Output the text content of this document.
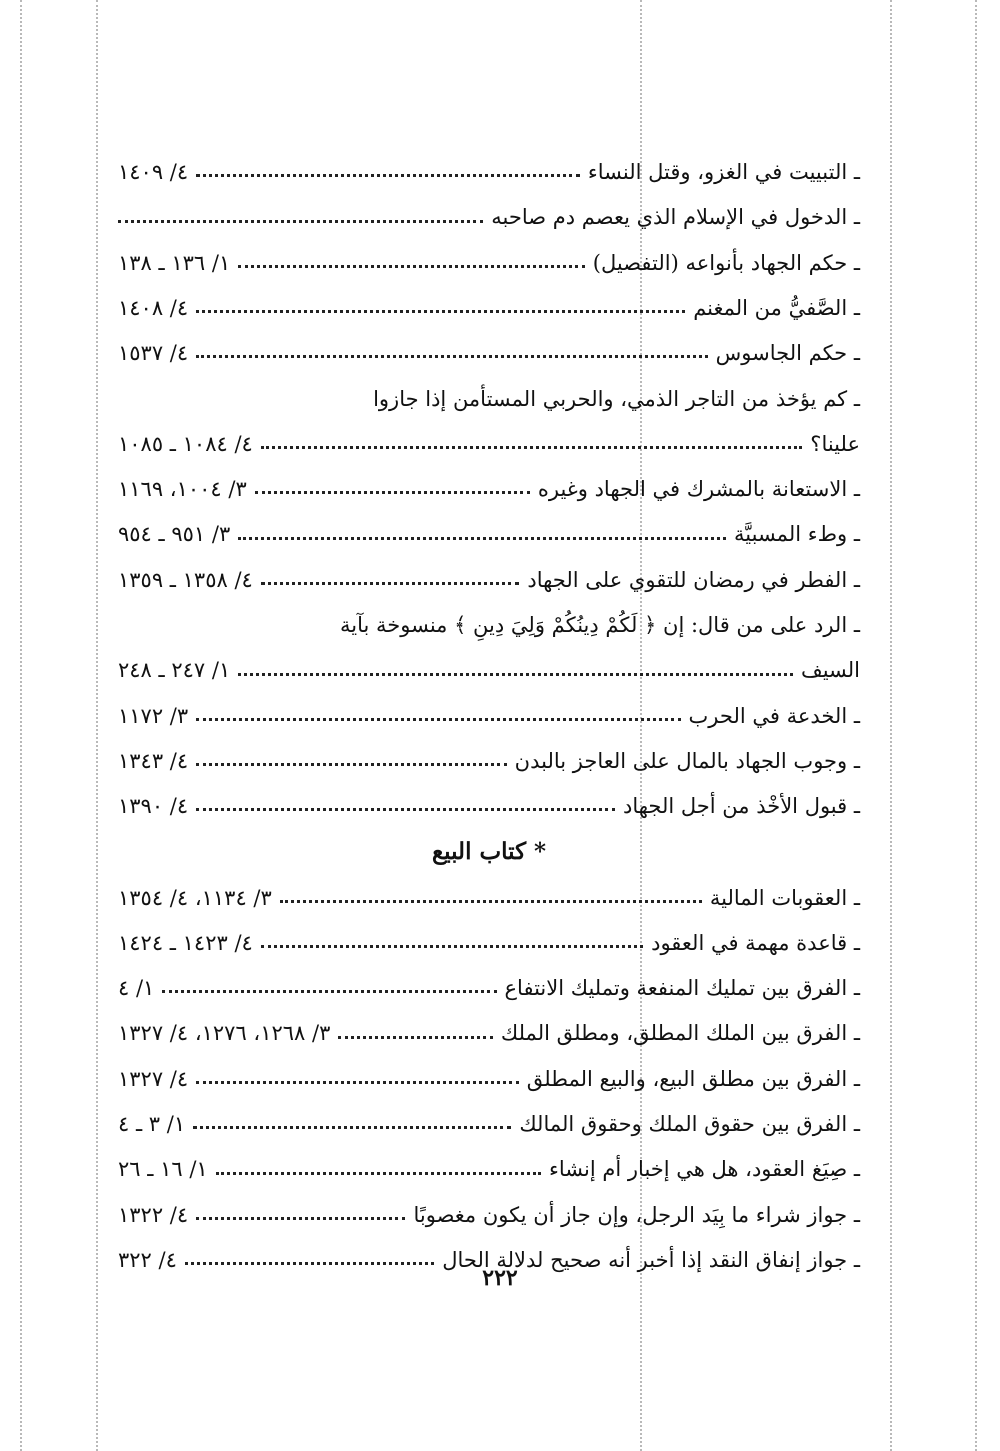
ـ التبييت في الغزو، وقتل النساء
٤/ ١٤٠٩
ـ الدخول في الإسلام الذي يعصم دم صاحبه
ـ حكم الجهاد بأنواعه (التفصيل)
١/ ١٣٦ ـ ١٣٨
ـ الصَّفيُّ من المغنم
٤/ ١٤٠٨
ـ حكم الجاسوس
٤/ ١٥٣٧
ـ كم يؤخذ من التاجر الذمي، والحربي المستأمن إذا جازوا
علينا؟
٤/ ١٠٨٤ ـ ١٠٨٥
ـ الاستعانة بالمشرك في الجهاد وغيره
٣/ ١٠٠٤، ١١٦٩
ـ وطء المسبيَّة
٣/ ٩٥١ ـ ٩٥٤
ـ الفطر في رمضان للتقوي على الجهاد
٤/ ١٣٥٨ ـ ١٣٥٩
ـ الرد على من قال: إن ﴿ لَكُمْ دِينُكُمْ وَلِيَ دِينِ ﴾ منسوخة بآية
السيف
١/ ٢٤٧ ـ ٢٤٨
ـ الخدعة في الحرب
٣/ ١١٧٢
ـ وجوب الجهاد بالمال على العاجز بالبدن
٤/ ١٣٤٣
ـ قبول الأخْذ من أجل الجهاد
٤/ ١٣٩٠
* كتاب البيع
ـ العقوبات المالية
٣/ ١١٣٤، ٤/ ١٣٥٤
ـ قاعدة مهمة في العقود
٤/ ١٤٢٣ ـ ١٤٢٤
ـ الفرق بين تمليك المنفعة وتمليك الانتفاع
١/ ٤
ـ الفرق بين الملك المطلق، ومطلق الملك
٣/ ١٢٦٨، ١٢٧٦، ٤/ ١٣٢٧
ـ الفرق بين مطلق البيع، والبيع المطلق
٤/ ١٣٢٧
ـ الفرق بين حقوق الملك وحقوق المالك
١/ ٣ ـ ٤
ـ صِيَغ العقود، هل هي إخبار أم إنشاء
١/ ١٦ ـ ٢٦
ـ جواز شراء ما بِيَد الرجل، وإن جاز أن يكون مغصوبًا
٤/ ١٣٢٢
ـ جواز إنفاق النقد إذا أخبر أنه صحيح لدلالة الحال
٤/ ٣٢٢
٢٢٢
